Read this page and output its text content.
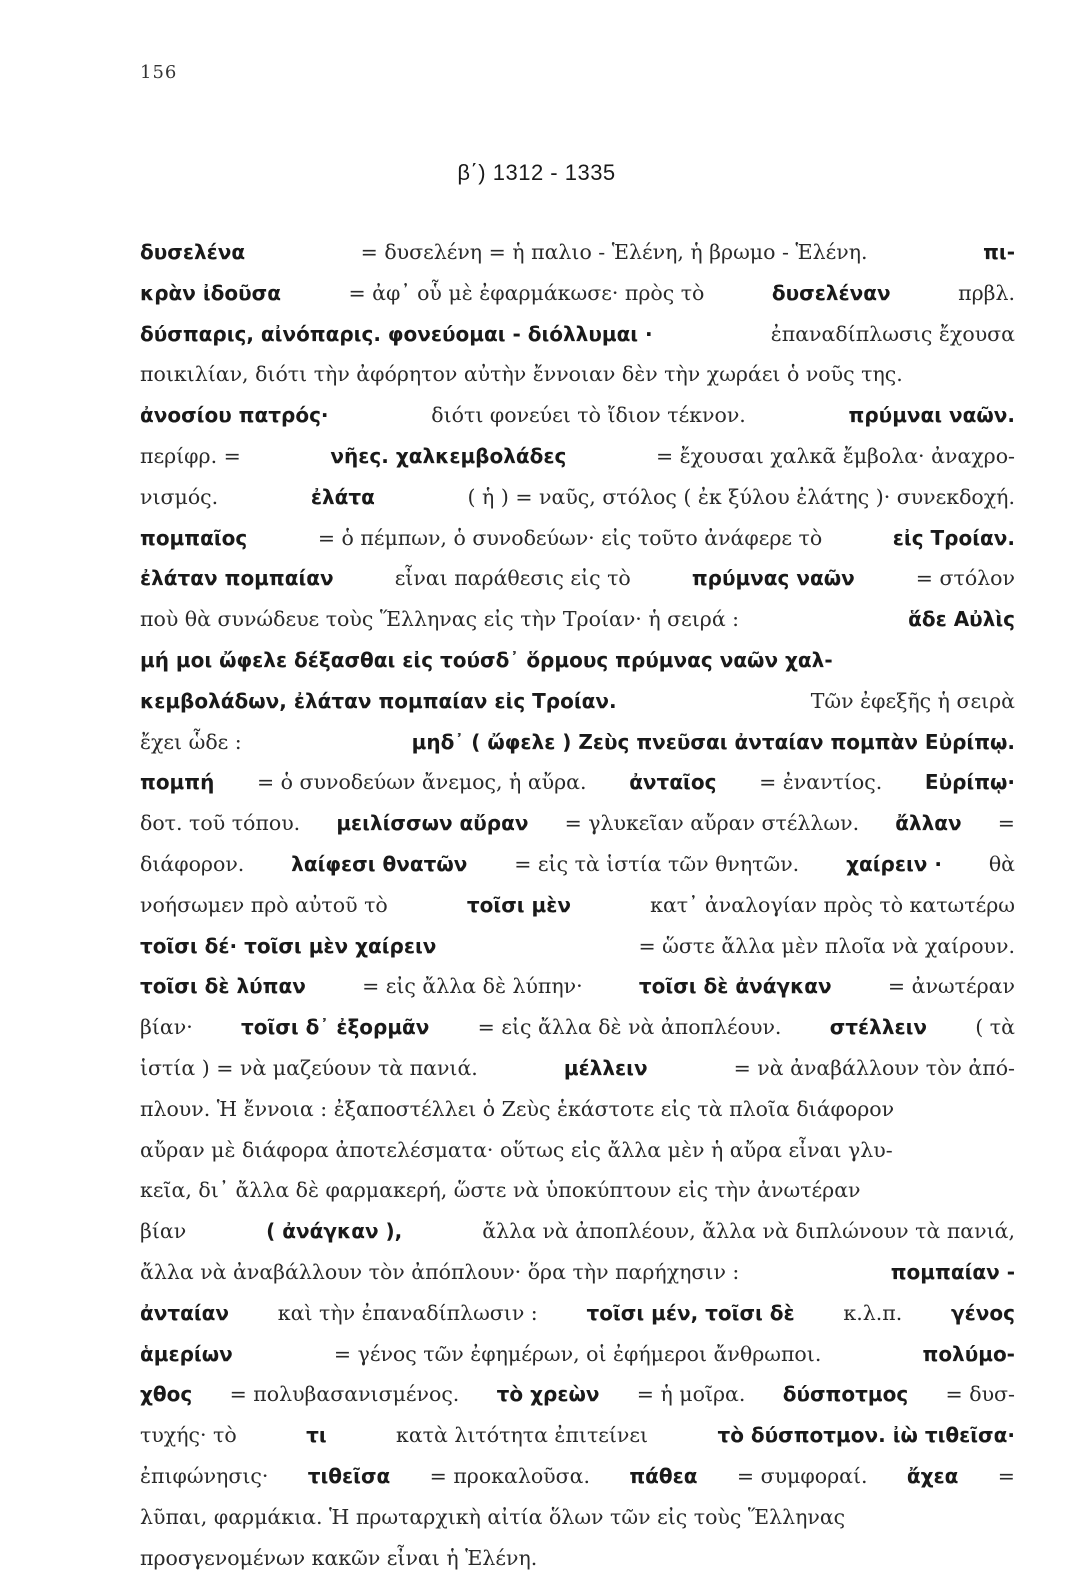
156
β΄) 1312 - 1335
δυσελένα	= δυσελένη = ἡ παλιο - Ἑλένη, ἡ βρωμο - Ἑλένη.	πι-
κρὰν ἰδοῦσα	= ἀφ᾽ οὗ μὲ ἐφαρμάκωσε· πρὸς τὸ	δυσελέναν	πρβλ.
δύσπαρις, αἰνόπαρις. φονεύομαι - διόλλυμαι ·	ἐπαναδίπλωσις ἔχουσα
ποικιλίαν, διότι τὴν ἀφόρητον αὐτὴν ἔννοιαν δὲν τὴν χωράει ὁ νοῦς της.
ἀνοσίου πατρός·	διότι φονεύει τὸ ἴδιον τέκνον.	πρύμναι ναῶν.
περίφρ. =	νῆες. χαλκεμβολάδες	= ἔχουσαι χαλκᾶ ἔμβολα· ἀναχρο-
νισμός.	ἐλάτα	( ἡ ) = ναῦς, στόλος ( ἐκ ξύλου ἐλάτης )· συνεκδοχή.
πομπαῖος	= ὁ πέμπων, ὁ συνοδεύων· εἰς τοῦτο ἀνάφερε τὸ	εἰς Τροίαν.
ἐλάταν πομπαίαν	εἶναι παράθεσις εἰς τὸ	πρύμνας ναῶν	= στόλον
ποὺ θὰ συνώδευε τοὺς Ἕλληνας εἰς τὴν Τροίαν· ἡ σειρά :	ἅδε Αὐλὶς
μή μοι ὤφελε δέξασθαι εἰς τούσδ᾽ ὅρμους πρύμνας ναῶν χαλ-
κεμβολάδων, ἐλάταν πομπαίαν εἰς Τροίαν.	Τῶν ἐφεξῆς ἡ σειρὰ
ἔχει ὧδε :	μηδ᾽ ( ὤφελε ) Ζεὺς πνεῦσαι ἀνταίαν πομπὰν Εὐρίπῳ.
πομπή = ὁ συνοδεύων ἄνεμος, ἡ αὔρα. ἀνταῖος = ἐναντίος. Εὐρίπῳ·
δοτ. τοῦ τόπου. μειλίσσων αὔραν = γλυκεῖαν αὔραν στέλλων. ἄλλαν =
διάφορον. λαίφεσι θνατῶν = εἰς τὰ ἱστία τῶν θνητῶν. χαίρειν · θὰ
νοήσωμεν πρὸ αὐτοῦ τὸ	τοῖσι μὲν	κατ᾽ ἀναλογίαν πρὸς τὸ κατωτέρω
τοῖσι δέ· τοῖσι μὲν χαίρειν	= ὥστε ἄλλα μὲν πλοῖα νὰ χαίρουν.
τοῖσι δὲ λύπαν	= εἰς ἄλλα δὲ λύπην·	τοῖσι δὲ ἀνάγκαν	= ἀνωτέραν
βίαν· τοῖσι δ᾽ ἐξορμᾶν = εἰς ἄλλα δὲ νὰ ἀποπλέουν. στέλλειν ( τὰ
ἱστία ) = νὰ μαζεύουν τὰ πανιά.	μέλλειν	= νὰ ἀναβάλλουν τὸν ἀπό-
πλουν. Ἡ ἔννοια : ἐξαποστέλλει ὁ Ζεὺς ἑκάστοτε εἰς τὰ πλοῖα διάφορον
αὔραν μὲ διάφορα ἀποτελέσματα· οὕτως εἰς ἄλλα μὲν ἡ αὔρα εἶναι γλυ-
κεῖα, δι᾽ ἄλλα δὲ φαρμακερή, ὥστε νὰ ὑποκύπτουν εἰς τὴν ἀνωτέραν
βίαν	( ἀνάγκαν ),	ἄλλα νὰ ἀποπλέουν, ἄλλα νὰ διπλώνουν τὰ πανιά,
ἄλλα νὰ ἀναβάλλουν τὸν ἀπόπλουν· ὅρα τὴν παρήχησιν :	πομπαίαν -
ἀνταίαν καὶ τὴν ἐπαναδίπλωσιν : τοῖσι μέν, τοῖσι δὲ κ.λ.π. γένος
ἁμερίων	= γένος τῶν ἐφημέρων, οἱ ἐφήμεροι ἄνθρωποι.	πολύμο-
χθος = πολυβασανισμένος. τὸ χρεὼν = ἡ μοῖρα. δύσποτμος = δυσ-
τυχής· τὸ	τι	κατὰ λιτότητα ἐπιτείνει	τὸ δύσποτμον. ἰὼ τιθεῖσα·
ἐπιφώνησις· τιθεῖσα = προκαλοῦσα. πάθεα = συμφοραί. ἄχεα =
λῦπαι, φαρμάκια. Ἡ πρωταρχικὴ αἰτία ὅλων τῶν εἰς τοὺς Ἕλληνας
προσγενομένων κακῶν εἶναι ἡ Ἑλένη.
